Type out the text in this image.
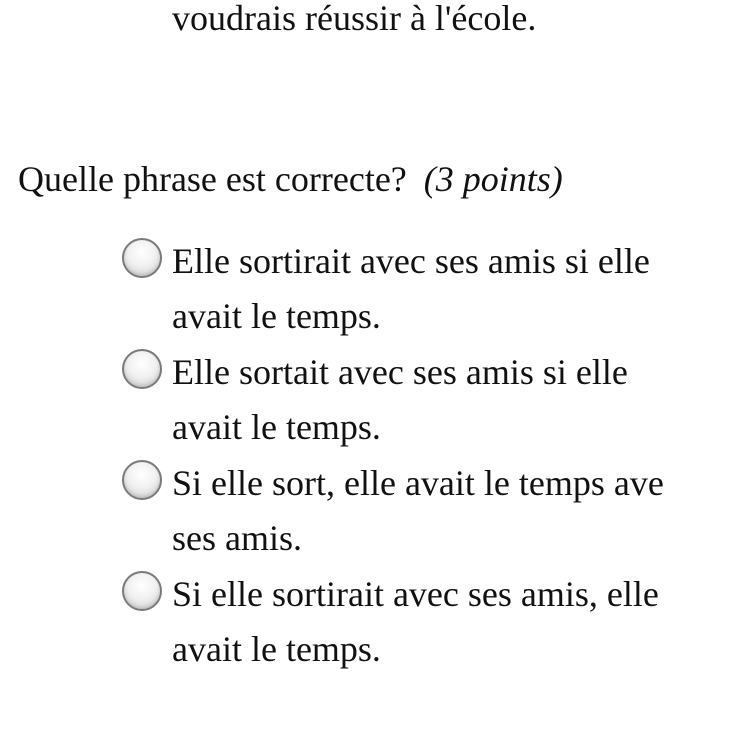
voudrais réussir à l'école.
Quelle phrase est correcte? (3 points)
Elle sortirait avec ses amis si elle
avait le temps.
Elle sortait avec ses amis si elle
avait le temps.
Si elle sort, elle avait le temps ave
ses amis.
Si elle sortirait avec ses amis, elle
avait le temps.
